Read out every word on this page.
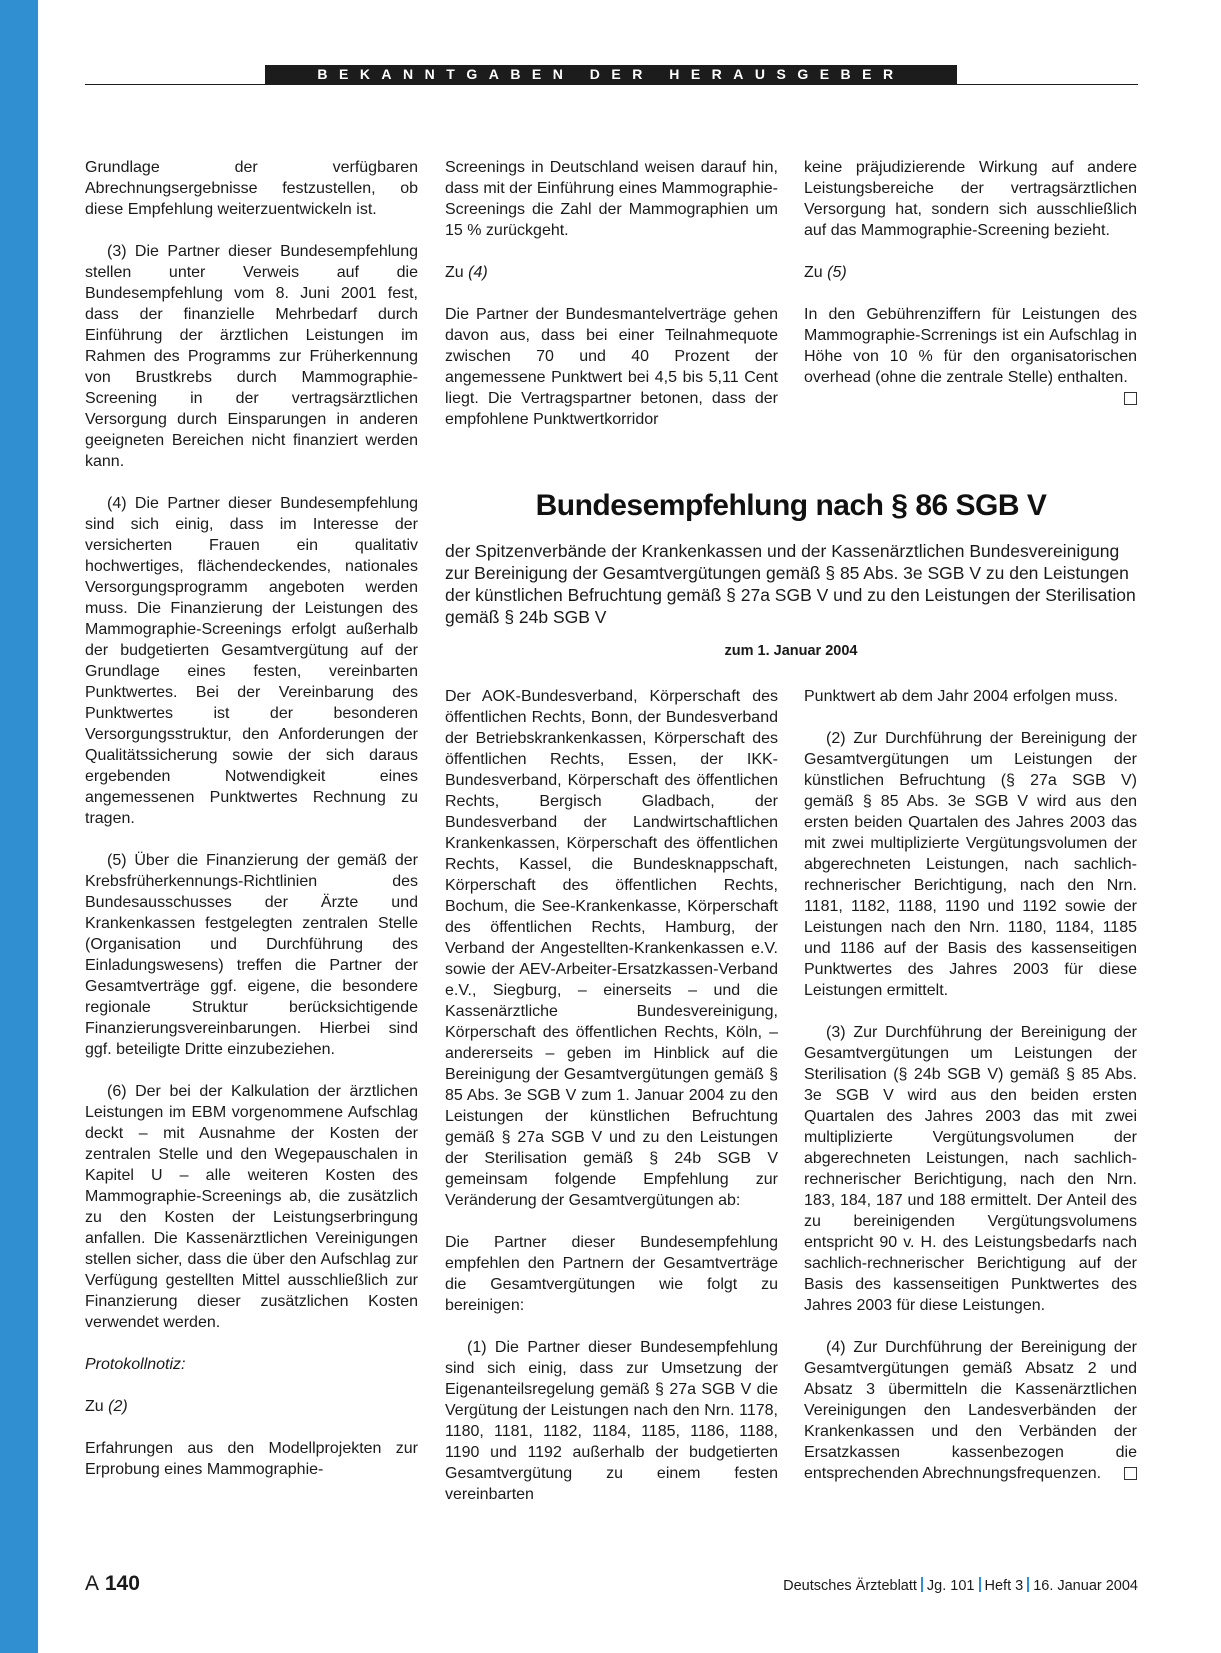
BEKANNTGABEN DER HERAUSGEBER

Grundlage der verfügbaren Abrechnungsergebnisse festzustellen, ob diese Empfehlung weiterzuentwickeln ist.

(3) Die Partner dieser Bundesempfehlung stellen unter Verweis auf die Bundesempfehlung vom 8. Juni 2001 fest, dass der finanzielle Mehrbedarf durch Einführung der ärztlichen Leistungen im Rahmen des Programms zur Früherkennung von Brustkrebs durch Mammographie-Screening in der vertragsärztlichen Versorgung durch Einsparungen in anderen geeigneten Bereichen nicht finanziert werden kann.

(4) Die Partner dieser Bundesempfehlung sind sich einig, dass im Interesse der versicherten Frauen ein qualitativ hochwertiges, flächendeckendes, nationales Versorgungsprogramm angeboten werden muss. Die Finanzierung der Leistungen des Mammographie-Screenings erfolgt außerhalb der budgetierten Gesamtvergütung auf der Grundlage eines festen, vereinbarten Punktwertes. Bei der Vereinbarung des Punktwertes ist der besonderen Versorgungsstruktur, den Anforderungen der Qualitätssicherung sowie der sich daraus ergebenden Notwendigkeit eines angemessenen Punktwertes Rechnung zu tragen.

(5) Über die Finanzierung der gemäß der Krebsfrüherkennungs-Richtlinien des Bundesausschusses der Ärzte und Krankenkassen festgelegten zentralen Stelle (Organisation und Durchführung des Einladungswesens) treffen die Partner der Gesamtverträge ggf. eigene, die besondere regionale Struktur berücksichtigende Finanzierungsvereinbarungen. Hierbei sind ggf. beteiligte Dritte einzubeziehen.

(6) Der bei der Kalkulation der ärztlichen Leistungen im EBM vorgenommene Aufschlag deckt – mit Ausnahme der Kosten der zentralen Stelle und den Wegepauschalen in Kapitel U – alle weiteren Kosten des Mammographie-Screenings ab, die zusätzlich zu den Kosten der Leistungserbringung anfallen. Die Kassenärztlichen Vereinigungen stellen sicher, dass die über den Aufschlag zur Verfügung gestellten Mittel ausschließlich zur Finanzierung dieser zusätzlichen Kosten verwendet werden.

Protokollnotiz:

Zu (2)

Erfahrungen aus den Modellprojekten zur Erprobung eines Mammographie-

Screenings in Deutschland weisen darauf hin, dass mit der Einführung eines Mammographie-Screenings die Zahl der Mammographien um 15 % zurückgeht.

Zu (4)

Die Partner der Bundesmantelverträge gehen davon aus, dass bei einer Teilnahmequote zwischen 70 und 40 Prozent der angemessene Punktwert bei 4,5 bis 5,11 Cent liegt. Die Vertragspartner betonen, dass der empfohlene Punktwertkorridor

keine präjudizierende Wirkung auf andere Leistungsbereiche der vertragsärztlichen Versorgung hat, sondern sich ausschließlich auf das Mammographie-Screening bezieht.

Zu (5)

In den Gebührenziffern für Leistungen des Mammographie-Scrrenings ist ein Aufschlag in Höhe von 10 % für den organisatorischen overhead (ohne die zentrale Stelle) enthalten.

Bundesempfehlung nach § 86 SGB V
der Spitzenverbände der Krankenkassen und der Kassenärztlichen Bundesvereinigung zur Bereinigung der Gesamtvergütungen gemäß § 85 Abs. 3e SGB V zu den Leistungen der künstlichen Befruchtung gemäß § 27a SGB V und zu den Leistungen der Sterilisation gemäß § 24b SGB V
zum 1. Januar 2004

Der AOK-Bundesverband, Körperschaft des öffentlichen Rechts, Bonn, der Bundesverband der Betriebskrankenkassen, Körperschaft des öffentlichen Rechts, Essen, der IKK-Bundesverband, Körperschaft des öffentlichen Rechts, Bergisch Gladbach, der Bundesverband der Landwirtschaftlichen Krankenkassen, Körperschaft des öffentlichen Rechts, Kassel, die Bundesknappschaft, Körperschaft des öffentlichen Rechts, Bochum, die See-Krankenkasse, Körperschaft des öffentlichen Rechts, Hamburg, der Verband der Angestellten-Krankenkassen e.V. sowie der AEV-Arbeiter-Ersatzkassen-Verband e.V., Siegburg, – einerseits – und die Kassenärztliche Bundesvereinigung, Körperschaft des öffentlichen Rechts, Köln, – andererseits – geben im Hinblick auf die Bereinigung der Gesamtvergütungen gemäß § 85 Abs. 3e SGB V zum 1. Januar 2004 zu den Leistungen der künstlichen Befruchtung gemäß § 27a SGB V und zu den Leistungen der Sterilisation gemäß § 24b SGB V gemeinsam folgende Empfehlung zur Veränderung der Gesamtvergütungen ab:

Die Partner dieser Bundesempfehlung empfehlen den Partnern der Gesamtverträge die Gesamtvergütungen wie folgt zu bereinigen:

(1) Die Partner dieser Bundesempfehlung sind sich einig, dass zur Umsetzung der Eigenanteilsregelung gemäß § 27a SGB V die Vergütung der Leistungen nach den Nrn. 1178, 1180, 1181, 1182, 1184, 1185, 1186, 1188, 1190 und 1192 außerhalb der budgetierten Gesamtvergütung zu einem festen vereinbarten

Punktwert ab dem Jahr 2004 erfolgen muss.

(2) Zur Durchführung der Bereinigung der Gesamtvergütungen um Leistungen der künstlichen Befruchtung (§ 27a SGB V) gemäß § 85 Abs. 3e SGB V wird aus den ersten beiden Quartalen des Jahres 2003 das mit zwei multiplizierte Vergütungsvolumen der abgerechneten Leistungen, nach sachlich-rechnerischer Berichtigung, nach den Nrn. 1181, 1182, 1188, 1190 und 1192 sowie der Leistungen nach den Nrn. 1180, 1184, 1185 und 1186 auf der Basis des kassenseitigen Punktwertes des Jahres 2003 für diese Leistungen ermittelt.

(3) Zur Durchführung der Bereinigung der Gesamtvergütungen um Leistungen der Sterilisation (§ 24b SGB V) gemäß § 85 Abs. 3e SGB V wird aus den beiden ersten Quartalen des Jahres 2003 das mit zwei multiplizierte Vergütungsvolumen der abgerechneten Leistungen, nach sachlich-rechnerischer Berichtigung, nach den Nrn. 183, 184, 187 und 188 ermittelt. Der Anteil des zu bereinigenden Vergütungsvolumens entspricht 90 v. H. des Leistungsbedarfs nach sachlich-rechnerischer Berichtigung auf der Basis des kassenseitigen Punktwertes des Jahres 2003 für diese Leistungen.

(4) Zur Durchführung der Bereinigung der Gesamtvergütungen gemäß Absatz 2 und Absatz 3 übermitteln die Kassenärztlichen Vereinigungen den Landesverbänden der Krankenkassen und den Verbänden der Ersatzkassen kassenbezogen die entsprechenden Abrechnungsfrequenzen.

A 140	Deutsches Ärzteblatt Jg. 101 Heft 3 16. Januar 2004
